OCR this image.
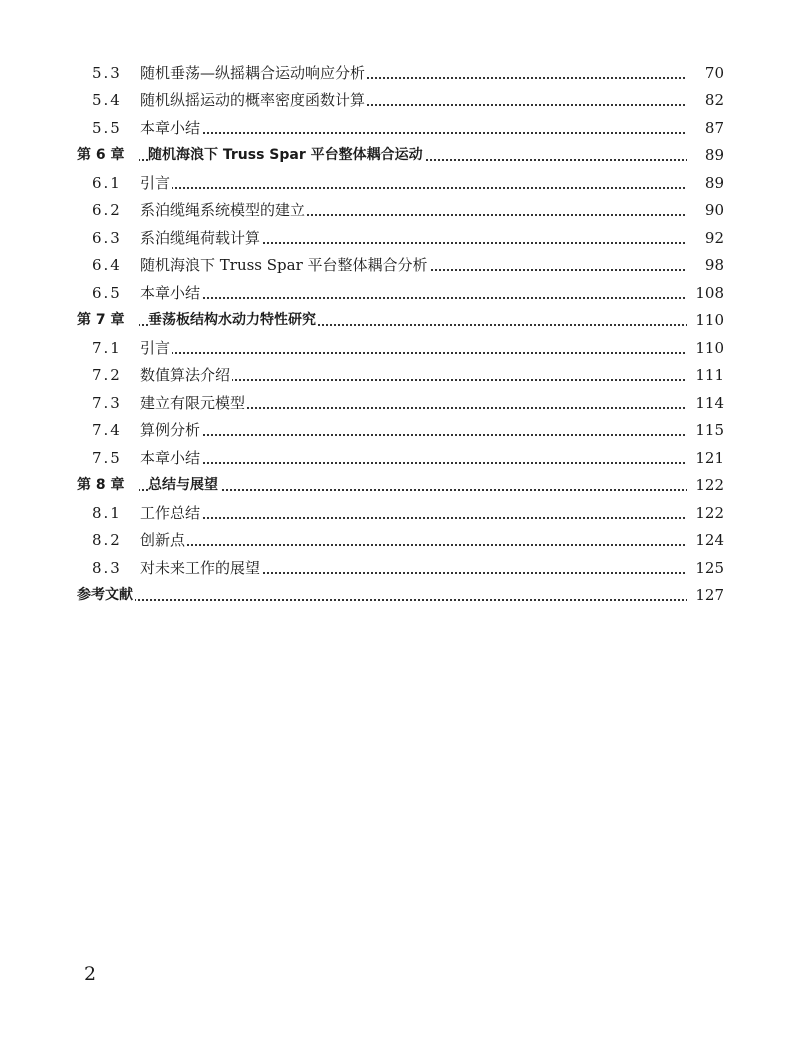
5.3	随机垂荡—纵摇耦合运动响应分析	70
5.4	随机纵摇运动的概率密度函数计算	82
5.5	本章小结	87
第 6 章	随机海浪下 Truss Spar 平台整体耦合运动	89
6.1	引言	89
6.2	系泊缆绳系统模型的建立	90
6.3	系泊缆绳荷载计算	92
6.4	随机海浪下 Truss Spar 平台整体耦合分析	98
6.5	本章小结	108
第 7 章	垂荡板结构水动力特性研究	110
7.1	引言	110
7.2	数值算法介绍	111
7.3	建立有限元模型	114
7.4	算例分析	115
7.5	本章小结	121
第 8 章	总结与展望	122
8.1	工作总结	122
8.2	创新点	124
8.3	对未来工作的展望	125
参考文献	127
2
